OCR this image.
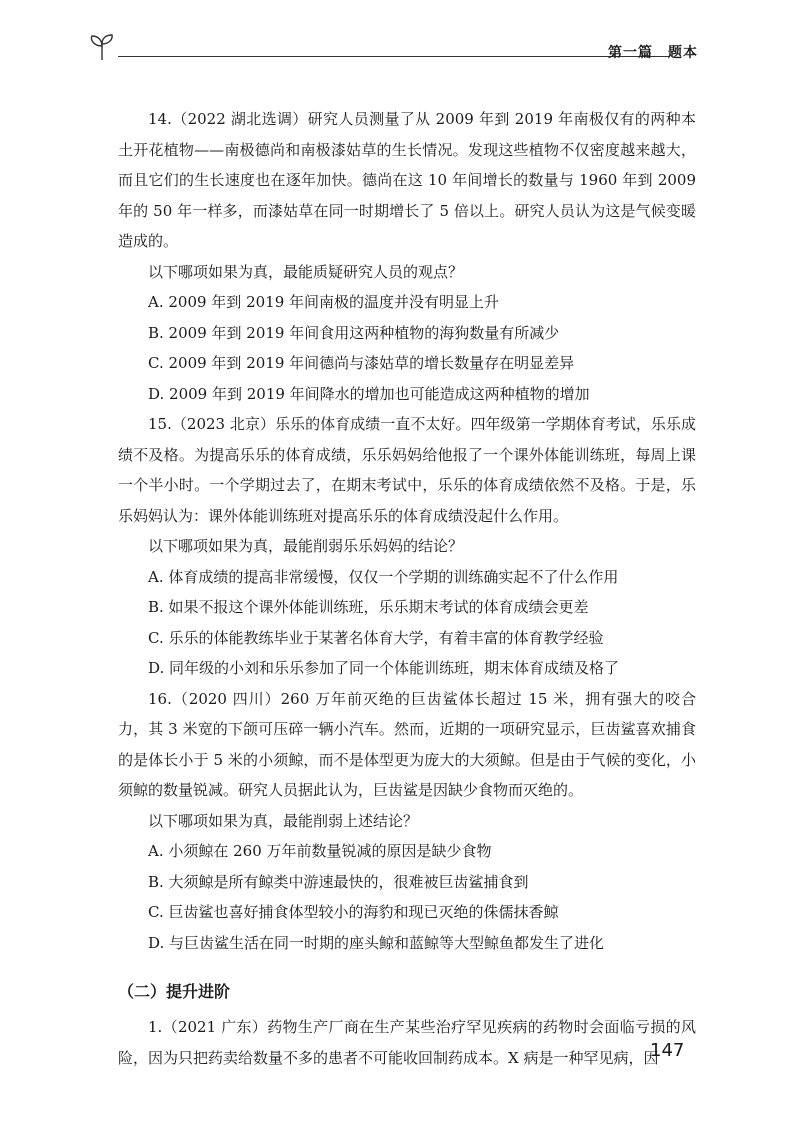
第一篇　题本

14.（2022 湖北选调）研究人员测量了从 2009 年到 2019 年南极仅有的两种本土开花植物——南极德尚和南极漆姑草的生长情况。发现这些植物不仅密度越来越大，而且它们的生长速度也在逐年加快。德尚在这 10 年间增长的数量与 1960 年到 2009 年的 50 年一样多，而漆姑草在同一时期增长了 5 倍以上。研究人员认为这是气候变暖造成的。

以下哪项如果为真，最能质疑研究人员的观点？

A. 2009 年到 2019 年间南极的温度并没有明显上升

B. 2009 年到 2019 年间食用这两种植物的海狗数量有所减少

C. 2009 年到 2019 年间德尚与漆姑草的增长数量存在明显差异

D. 2009 年到 2019 年间降水的增加也可能造成这两种植物的增加

15.（2023 北京）乐乐的体育成绩一直不太好。四年级第一学期体育考试，乐乐成绩不及格。为提高乐乐的体育成绩，乐乐妈妈给他报了一个课外体能训练班，每周上课一个半小时。一个学期过去了，在期末考试中，乐乐的体育成绩依然不及格。于是，乐乐妈妈认为：课外体能训练班对提高乐乐的体育成绩没起什么作用。

以下哪项如果为真，最能削弱乐乐妈妈的结论？

A. 体育成绩的提高非常缓慢，仅仅一个学期的训练确实起不了什么作用

B. 如果不报这个课外体能训练班，乐乐期末考试的体育成绩会更差

C. 乐乐的体能教练毕业于某著名体育大学，有着丰富的体育教学经验

D. 同年级的小刘和乐乐参加了同一个体能训练班，期末体育成绩及格了

16.（2020 四川）260 万年前灭绝的巨齿鲨体长超过 15 米，拥有强大的咬合力，其 3 米宽的下颌可压碎一辆小汽车。然而，近期的一项研究显示，巨齿鲨喜欢捕食的是体长小于 5 米的小须鲸，而不是体型更为庞大的大须鲸。但是由于气候的变化，小须鲸的数量锐减。研究人员据此认为，巨齿鲨是因缺少食物而灭绝的。

以下哪项如果为真，最能削弱上述结论？

A. 小须鲸在 260 万年前数量锐减的原因是缺少食物

B. 大须鲸是所有鲸类中游速最快的，很难被巨齿鲨捕食到

C. 巨齿鲨也喜好捕食体型较小的海豹和现已灭绝的侏儒抹香鲸

D. 与巨齿鲨生活在同一时期的座头鲸和蓝鲸等大型鲸鱼都发生了进化

（二）提升进阶

1.（2021 广东）药物生产厂商在生产某些治疗罕见疾病的药物时会面临亏损的风险，因为只把药卖给数量不多的患者不可能收回制药成本。X 病是一种罕见病，因

147
